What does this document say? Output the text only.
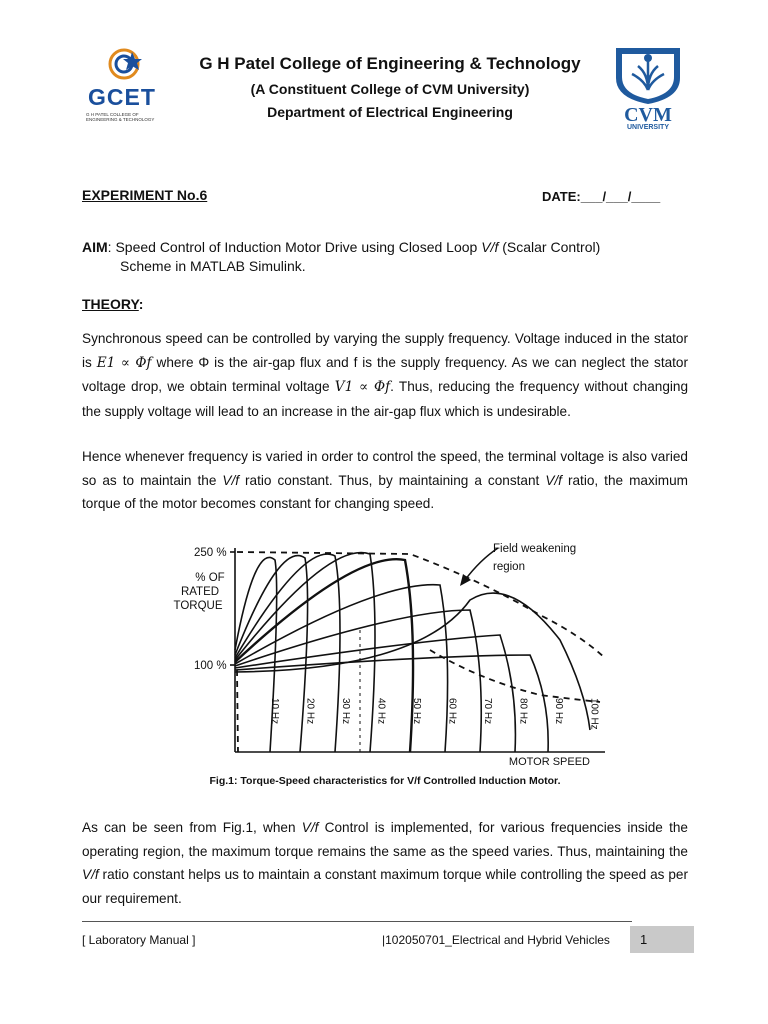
GCET
G H PATEL COLLEGE OF ENGINEERING & TECHNOLOGY
G H Patel College of Engineering & Technology
(A Constituent College of CVM University)
Department of Electrical Engineering	CVM
UNIVERSITY
EXPERIMENT No.6	DATE:___/___/____
AIM: Speed Control of Induction Motor Drive using Closed Loop V/f (Scalar Control)
Scheme in MATLAB Simulink.
THEORY:

Synchronous speed can be controlled by varying the supply frequency. Voltage induced in the stator is E1 ∝ Φf where Φ is the air-gap flux and f is the supply frequency. As we can neglect the stator voltage drop, we obtain terminal voltage V1 ∝ Φf. Thus, reducing the frequency without changing the supply voltage will lead to an increase in the air-gap flux which is undesirable.

Hence whenever frequency is varied in order to control the speed, the terminal voltage is also varied so as to maintain the V/f ratio constant. Thus, by maintaining a constant V/f ratio, the maximum torque of the motor becomes constant for changing speed.

250 %
100 %
% OF
RATED
TORQUE
Field weakening
region
MOTOR SPEED
10 Hz 20 Hz 30 Hz 40 Hz 50 Hz 60 Hz 70 Hz 80 Hz 90 Hz 100 Hz
Fig.1: Torque-Speed characteristics for V/f Controlled Induction Motor.

As can be seen from Fig.1, when V/f Control is implemented, for various frequencies inside the operating region, the maximum torque remains the same as the speed varies. Thus, maintaining the V/f ratio constant helps us to maintain a constant maximum torque while controlling the speed as per our requirement.

[ Laboratory Manual ]	|102050701_Electrical and Hybrid Vehicles 1
